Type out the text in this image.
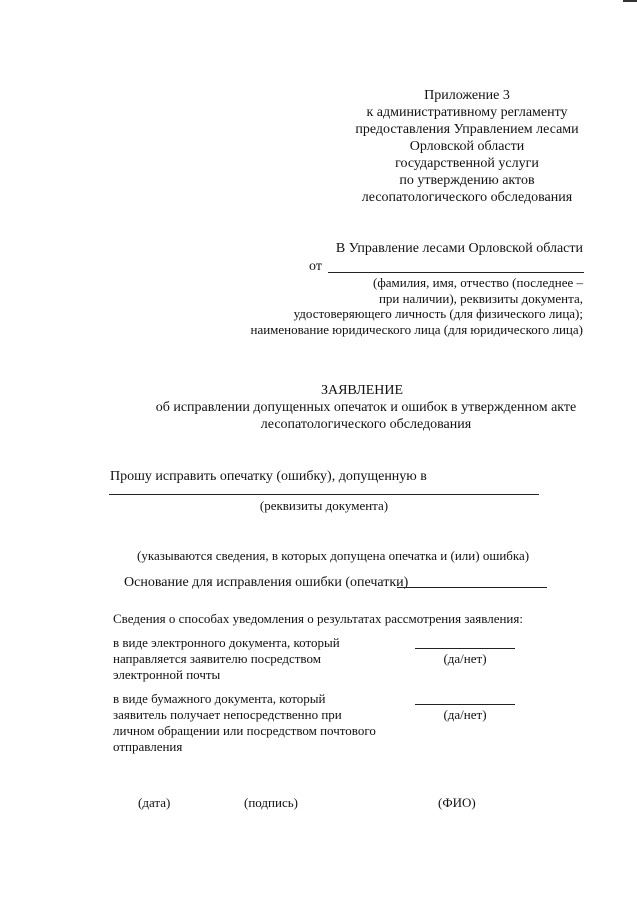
Приложение 3
к административному регламенту
предоставления Управлением лесами
Орловской области
государственной услуги
по утверждению актов
лесопатологического обследования
В Управление лесами Орловской области
от
(фамилия, имя, отчество (последнее –
при наличии), реквизиты документа,
удостоверяющего личность (для физического лица);
наименование юридического лица (для юридического лица)
ЗАЯВЛЕНИЕ
об исправлении допущенных опечаток и ошибок в утвержденном акте
лесопатологического обследования
Прошу исправить опечатку (ошибку), допущенную в
(реквизиты документа)
(указываются сведения, в которых допущена опечатка и (или) ошибка)
Основание для исправления ошибки (опечатки)
Сведения о способах уведомления о результатах рассмотрения заявления:
в виде электронного документа, который
направляется заявителю посредством
электронной почты
(да/нет)
в виде бумажного документа, который
заявитель получает непосредственно при
личном обращении или посредством почтового
отправления
(да/нет)
(дата)	(подпись)	(ФИО)
